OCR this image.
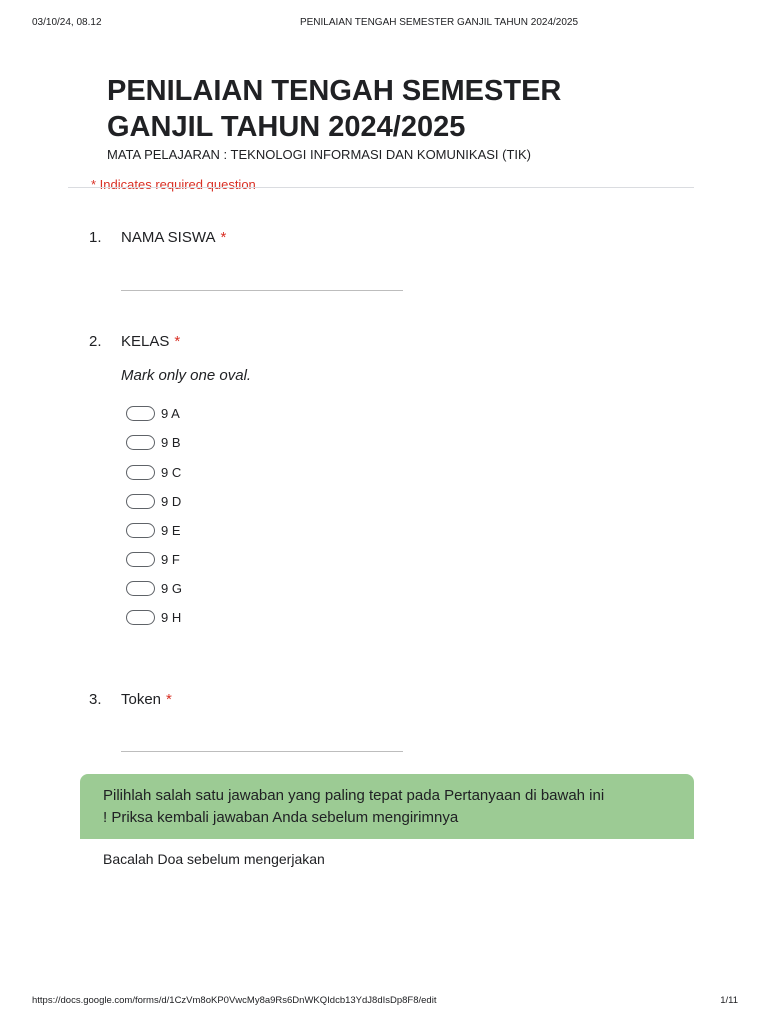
03/10/24, 08.12	PENILAIAN TENGAH SEMESTER GANJIL TAHUN 2024/2025
PENILAIAN TENGAH SEMESTER GANJIL TAHUN 2024/2025
MATA PELAJARAN : TEKNOLOGI INFORMASI DAN KOMUNIKASI (TIK)
* Indicates required question
1. NAMA SISWA *
2. KELAS *
Mark only one oval.
9 A
9 B
9 C
9 D
9 E
9 F
9 G
9 H
3. Token *
Pilihlah salah satu jawaban yang paling tepat pada Pertanyaan di bawah ini
! Priksa kembali jawaban Anda sebelum mengirimnya
Bacalah Doa sebelum mengerjakan
https://docs.google.com/forms/d/1CzVm8oKP0VwcMy8a9Rs6DnWKQIdcb13YdJ8dIsDp8F8/edit	1/11
